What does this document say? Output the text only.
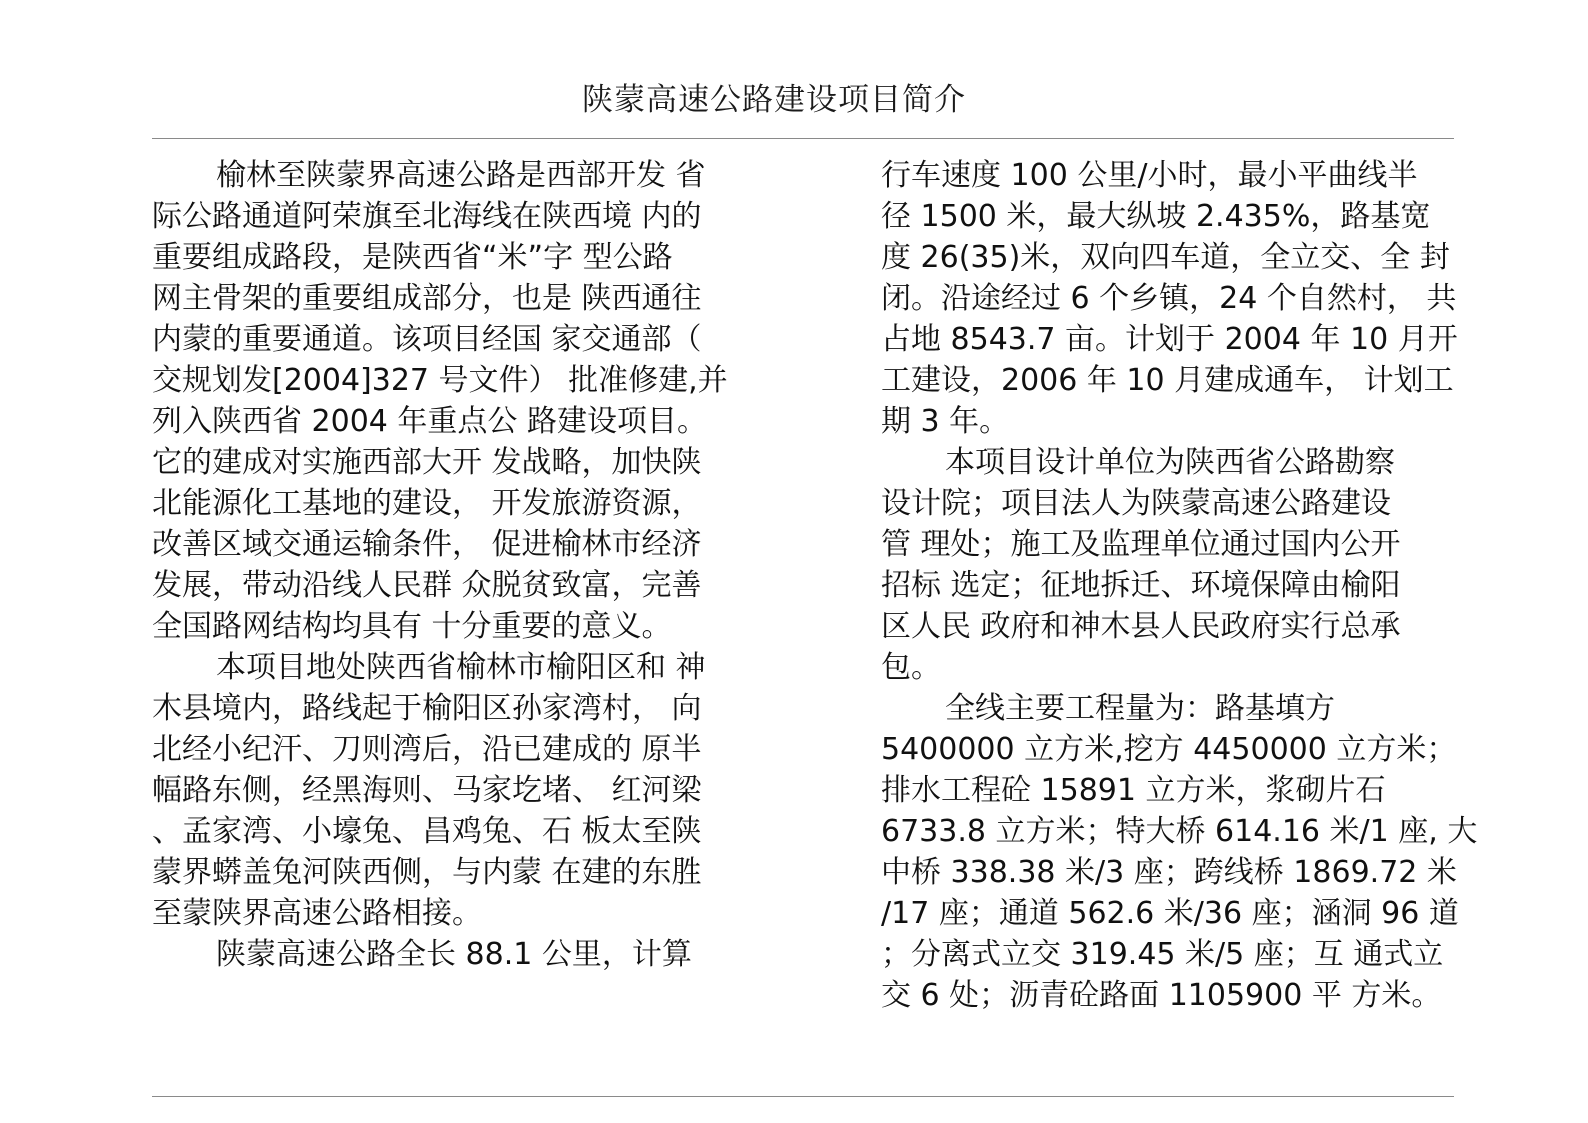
陕蒙高速公路建设项目简介
榆林至陕蒙界高速公路是西部开发 省
际公路通道阿荣旗至北海线在陕西境 内的
重要组成路段，是陕西省“米”字 型公路
网主骨架的重要组成部分，也是 陕西通往
内蒙的重要通道。该项目经国 家交通部（
交规划发[2004]327 号文件） 批准修建,并
列入陕西省 2004 年重点公 路建设项目。
它的建成对实施西部大开 发战略，加快陕
北能源化工基地的建设， 开发旅游资源，
改善区域交通运输条件， 促进榆林市经济
发展，带动沿线人民群 众脱贫致富，完善
全国路网结构均具有 十分重要的意义。
本项目地处陕西省榆林市榆阳区和 神
木县境内，路线起于榆阳区孙家湾村， 向
北经小纪汗、刀则湾后，沿已建成的 原半
幅路东侧，经黑海则、马家圪堵、 红河梁
、孟家湾、小壕兔、昌鸡兔、石 板太至陕
蒙界蟒盖兔河陕西侧，与内蒙 在建的东胜
至蒙陕界高速公路相接。
陕蒙高速公路全长 88.1 公里，计算
行车速度 100 公里/小时，最小平曲线半
径 1500 米，最大纵坡 2.435%，路基宽
度 26(35)米，双向四车道，全立交、全 封
闭。沿途经过 6 个乡镇，24 个自然村， 共
占地 8543.7 亩。计划于 2004 年 10 月开
工建设，2006 年 10 月建成通车， 计划工
期 3 年。
本项目设计单位为陕西省公路勘察
设计院；项目法人为陕蒙高速公路建设
管 理处；施工及监理单位通过国内公开
招标 选定；征地拆迁、环境保障由榆阳
区人民 政府和神木县人民政府实行总承
包。
全线主要工程量为：路基填方
5400000 立方米,挖方 4450000 立方米；
排水工程砼 15891 立方米，浆砌片石
6733.8 立方米；特大桥 614.16 米/1 座, 大
中桥 338.38 米/3 座；跨线桥 1869.72 米
/17 座；通道 562.6 米/36 座；涵洞 96 道
；分离式立交 319.45 米/5 座；互 通式立
交 6 处；沥青砼路面 1105900 平 方米。
